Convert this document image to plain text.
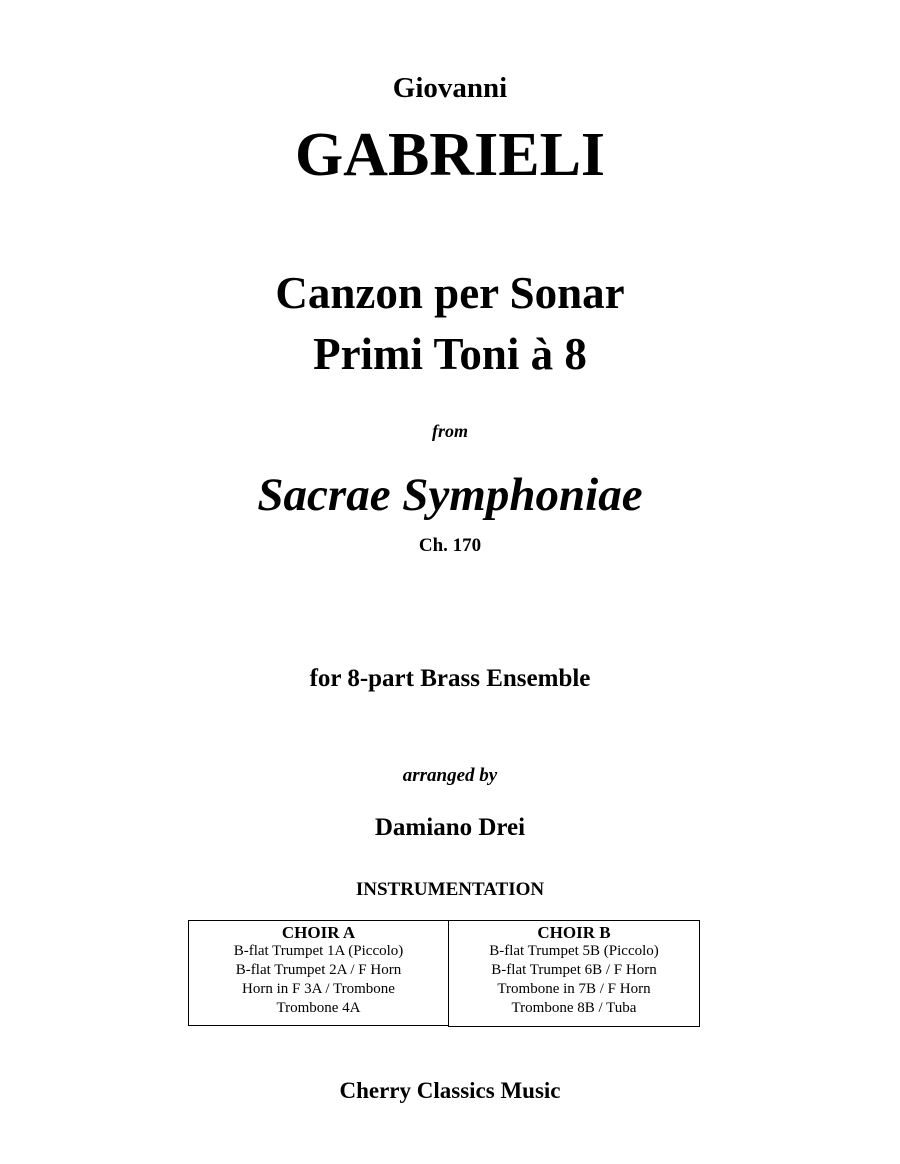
Giovanni
GABRIELI
Canzon per Sonar
Primi Toni à 8
from
Sacrae Symphoniae
Ch. 170
for 8-part Brass Ensemble
arranged by
Damiano Drei
INSTRUMENTATION
CHOIR A
B-flat Trumpet 1A (Piccolo)
B-flat Trumpet 2A / F Horn
Horn in F 3A / Trombone
Trombone 4A
CHOIR B
B-flat Trumpet 5B (Piccolo)
B-flat Trumpet 6B / F Horn
Trombone in 7B / F Horn
Trombone 8B / Tuba
Cherry Classics Music
